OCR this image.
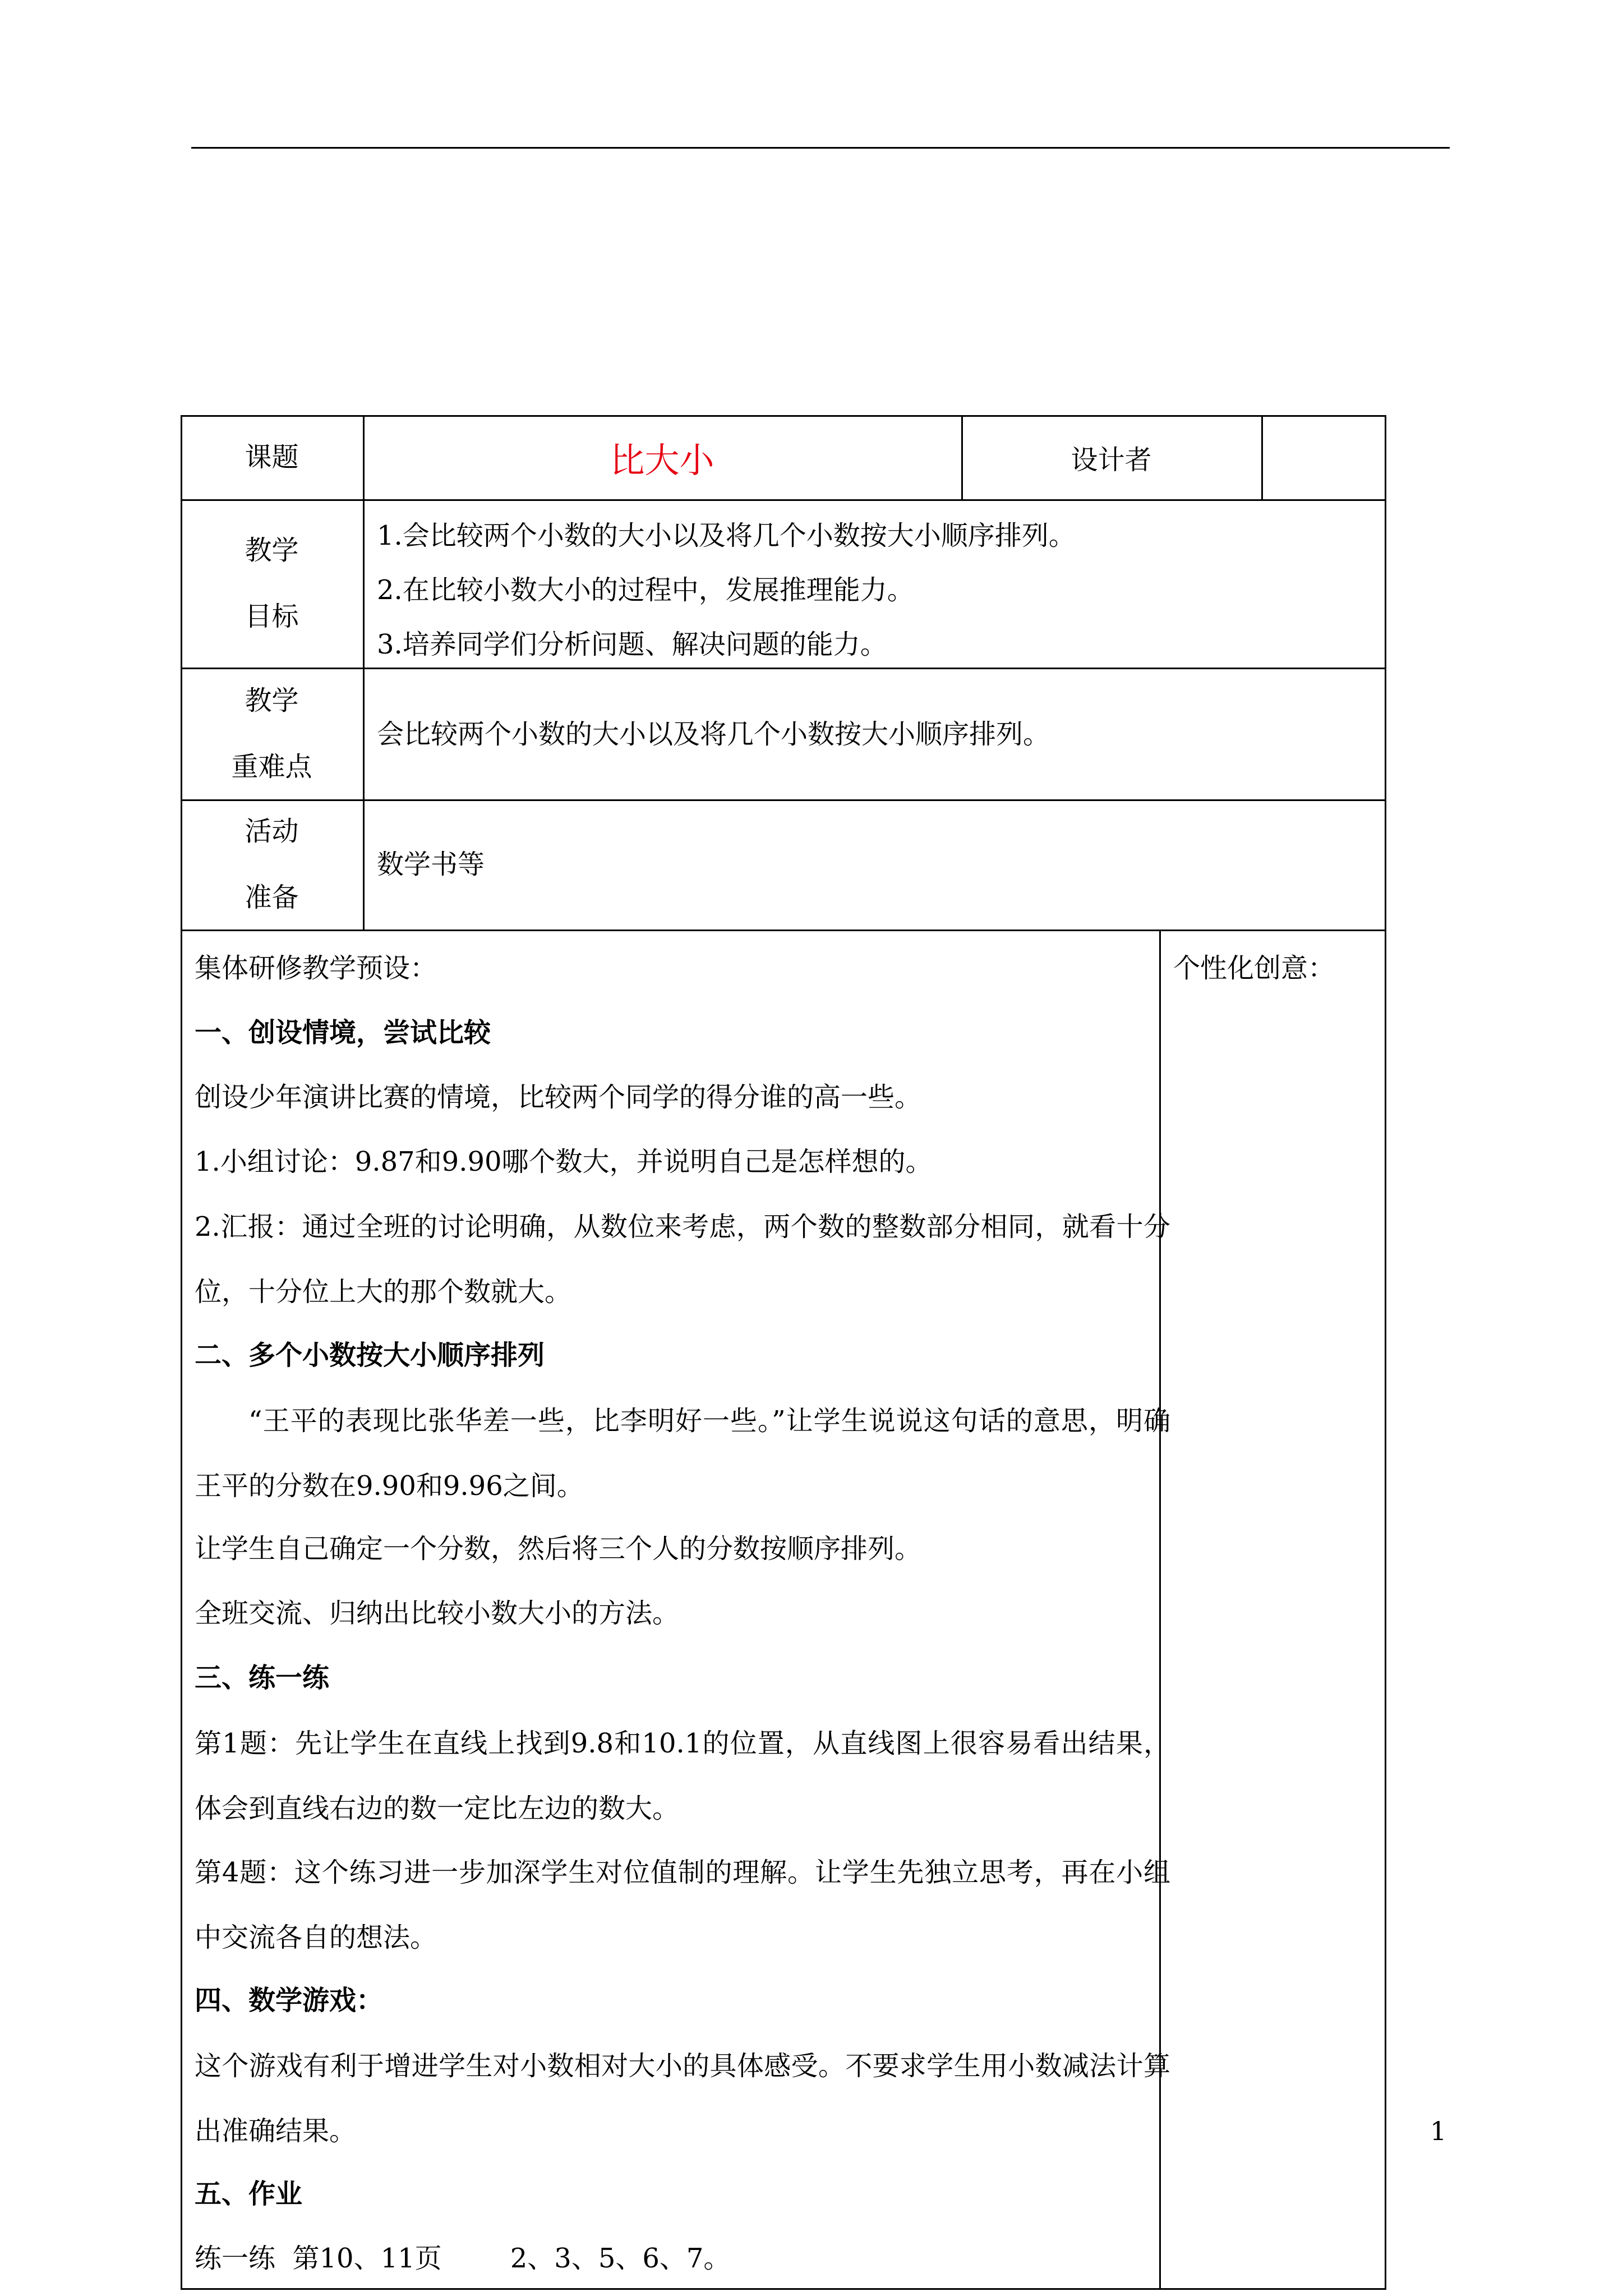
课题	比大小	设计者
教学
目标
1.会比较两个小数的大小以及将几个小数按大小顺序排列。
2.在比较小数大小的过程中，发展推理能力。
3.培养同学们分析问题、解决问题的能力。
教学
重难点
会比较两个小数的大小以及将几个小数按大小顺序排列。
活动
准备
数学书等
集体研修教学预设：
一、创设情境，尝试比较
创设少年演讲比赛的情境，比较两个同学的得分谁的高一些。
1.小组讨论：9.87和9.90哪个数大，并说明自己是怎样想的。
2.汇报：通过全班的讨论明确，从数位来考虑，两个数的整数部分相同，就看十分位，十分位上大的那个数就大。
二、多个小数按大小顺序排列
“王平的表现比张华差一些，比李明好一些。”让学生说说这句话的意思，明确王平的分数在9.90和9.96之间。
让学生自己确定一个分数，然后将三个人的分数按顺序排列。
全班交流、归纳出比较小数大小的方法。
三、练一练
第1题：先让学生在直线上找到9.8和10.1的位置，从直线图上很容易看出结果，体会到直线右边的数一定比左边的数大。
第4题：这个练习进一步加深学生对位值制的理解。让学生先独立思考，再在小组中交流各自的想法。
四、数学游戏：
这个游戏有利于增进学生对小数相对大小的具体感受。不要求学生用小数减法计算出准确结果。
五、作业
练一练  第10、11页        2、3、5、6、7。
个性化创意：
1
